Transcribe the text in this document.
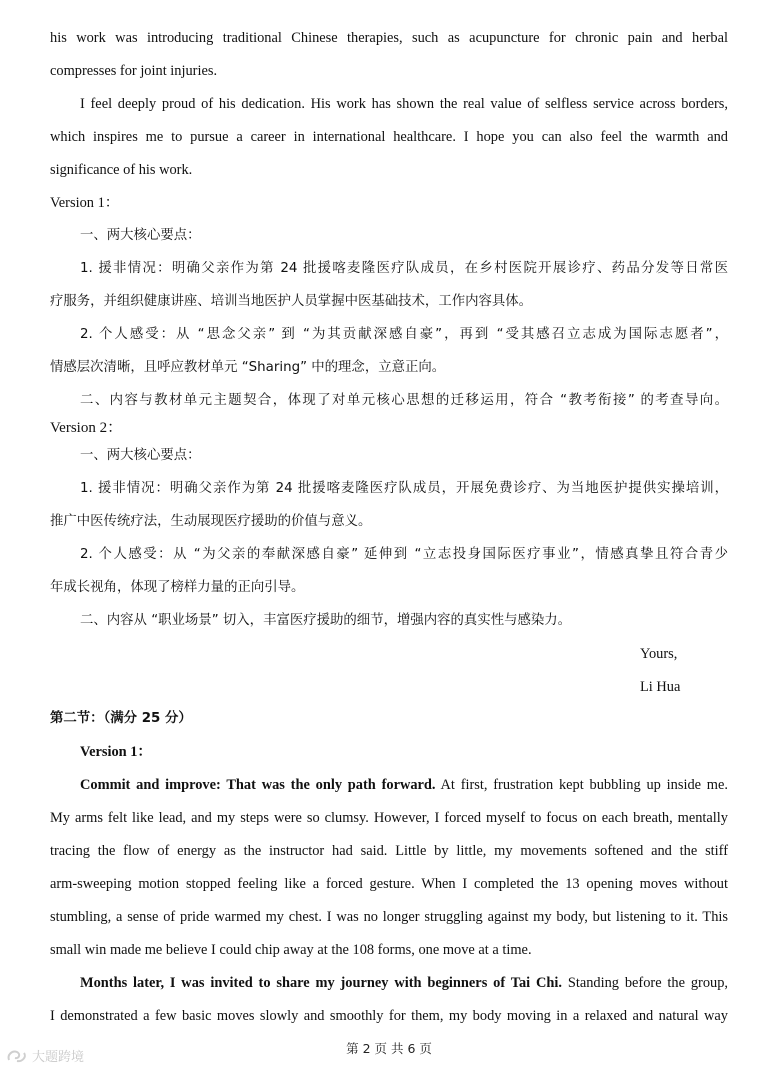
his work was introducing traditional Chinese therapies, such as acupuncture for chronic pain and herbal
compresses for joint injuries.
I feel deeply proud of his dedication. His work has shown the real value of selfless service across borders,
which inspires me to pursue a career in international healthcare. I hope you can also feel the warmth and
significance of his work.
Version 1：
一、两大核心要点：
1. 援非情况：明确父亲作为第 24 批援喀麦隆医疗队成员，在乡村医院开展诊疗、药品分发等日常医
疗服务，并组织健康讲座、培训当地医护人员掌握中医基础技术，工作内容具体。
2. 个人感受：从 “思念父亲” 到 “为其贡献深感自豪”，再到 “受其感召立志成为国际志愿者”，
情感层次清晰，且呼应教材单元 “Sharing” 中的理念，立意正向。
二、内容与教材单元主题契合，体现了对单元核心思想的迁移运用，符合 “教考衔接” 的考查导向。
Version 2：
一、两大核心要点：
1. 援非情况：明确父亲作为第 24 批援喀麦隆医疗队成员，开展免费诊疗、为当地医护提供实操培训，
推广中医传统疗法，生动展现医疗援助的价值与意义。
2. 个人感受：从 “为父亲的奉献深感自豪” 延伸到 “立志投身国际医疗事业”，情感真挚且符合青少
年成长视角，体现了榜样力量的正向引导。
二、内容从 “职业场景” 切入，丰富医疗援助的细节，增强内容的真实性与感染力。
Yours,
Li Hua
第二节：（满分 25 分）
Version 1：
Commit and improve: That was the only path forward. At first, frustration kept bubbling up inside me.
My arms felt like lead, and my steps were so clumsy. However, I forced myself to focus on each breath, mentally
tracing the flow of energy as the instructor had said. Little by little, my movements softened and the stiff
arm-sweeping motion stopped feeling like a forced gesture. When I completed the 13 opening moves without
stumbling, a sense of pride warmed my chest. I was no longer struggling against my body, but listening to it. This
small win made me believe I could chip away at the 108 forms, one move at a time.
Months later, I was invited to share my journey with beginners of Tai Chi. Standing before the group,
I demonstrated a few basic moves slowly and smoothly for them, my body moving in a relaxed and natural way
第 2 页 共 6 页
大题跨境
